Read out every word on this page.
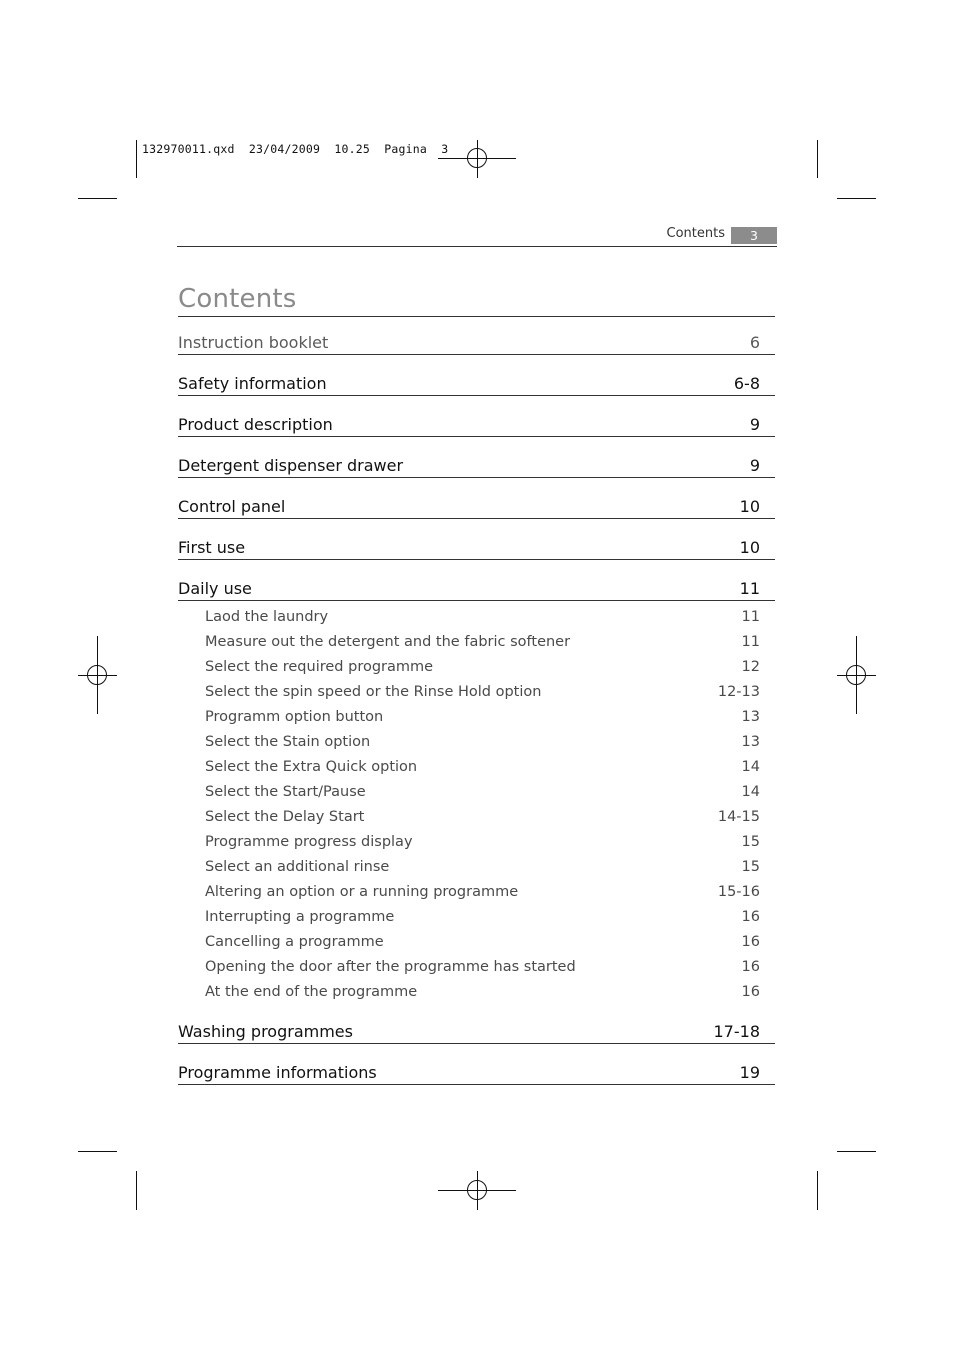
132970011.qxd  23/04/2009  10.25  Pagina  3
Contents	3
Contents
Instruction booklet	6
Safety information	6-8
Product description	9
Detergent dispenser drawer	9
Control panel	10
First use	10
Daily use	11
Laod the laundry	11
Measure out the detergent and the fabric softener	11
Select the required programme	12
Select the spin speed or the Rinse Hold option	12-13
Programm option button	13
Select the Stain option	13
Select the Extra Quick option	14
Select the Start/Pause	14
Select the Delay Start	14-15
Programme progress display	15
Select an additional rinse	15
Altering an option or a running programme	15-16
Interrupting a programme	16
Cancelling a programme	16
Opening the door after the programme has started	16
At the end of the programme	16
Washing programmes	17-18
Programme informations	19
